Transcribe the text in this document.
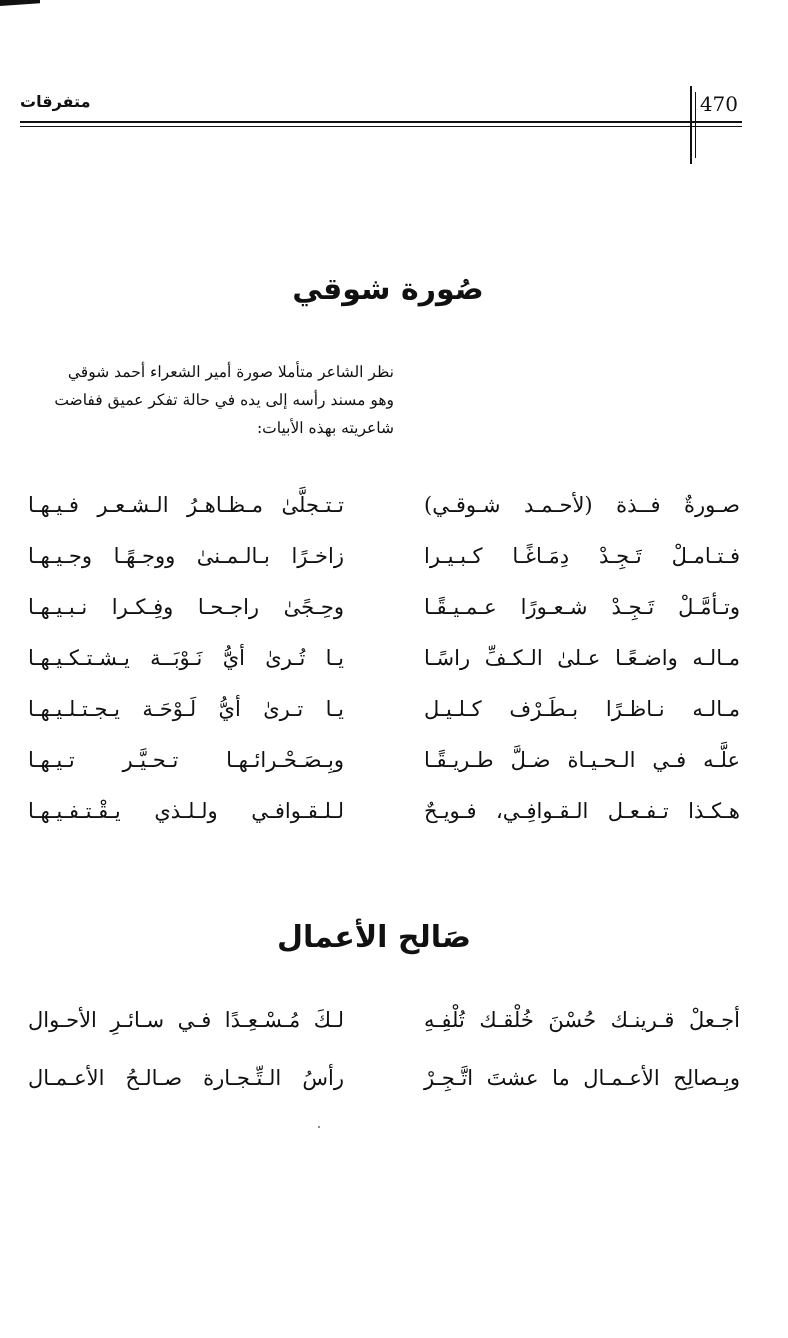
470
متفرقات
صُورة شوقي

نظر الشاعر متأملا صورة أمير الشعراء أحمد شوقي

وهو مسند رأسه إلى يده في حالة تفكر عميق ففاضت

شاعريته بهذه الأبيات:

صـورةٌ فــذة (لأحـمـد شـوقـي)
تـتـجلَّىٰ مـظـاهـرُ الـشـعـر فـيـهـا
فـتـامـلْ تَـجِـدْ دِمَـاغًـا كـبـيـرا
زاخـرًا بـالـمـنىٰ ووجـهًـا وجـيـهـا
وتـأمَّـلْ تَـجِـدْ شـعـورًا عـمـيـقًـا
وحِـجًىٰ راجـحـا وفِـكـرا نـبـيـهـا
مـالـه واضـعًـا عـلىٰ الـكـفِّ راسًـا
يـا تُـرىٰ أيُّ نَـوْبَــة يـشـتـكـيـهـا
مـالـه نـاظـرًا بـطَـرْف كـلـيـل
يـا تـرىٰ أيُّ لَـوْحَـة يـجـتـلـيـهـا
علَّـه فـي الـحـيـاة ضـلَّ طـريـقًـا
وبِـصَـحْـرائـهـا تـحـيَّـر تـيـهـا
هـكـذا تـفـعـل الـقـوافِـي، فـويـحٌ
لـلـقـوافـي ولـلـذي يـقْـتـفـيـهـا
صَالح الأعمال
أجـعلْ قـرينـك حُسْنَ خُلْقـك تُلْفِـهِ
لـكَ مُـسْـعِـدًا فـي سـائـرِ الأحـوال
وبِـصالِح الأعـمـال ما عشتَ اتَّـجِـرْ
رأسُ الـتِّـجـارة صـالـحُ الأعـمـال
